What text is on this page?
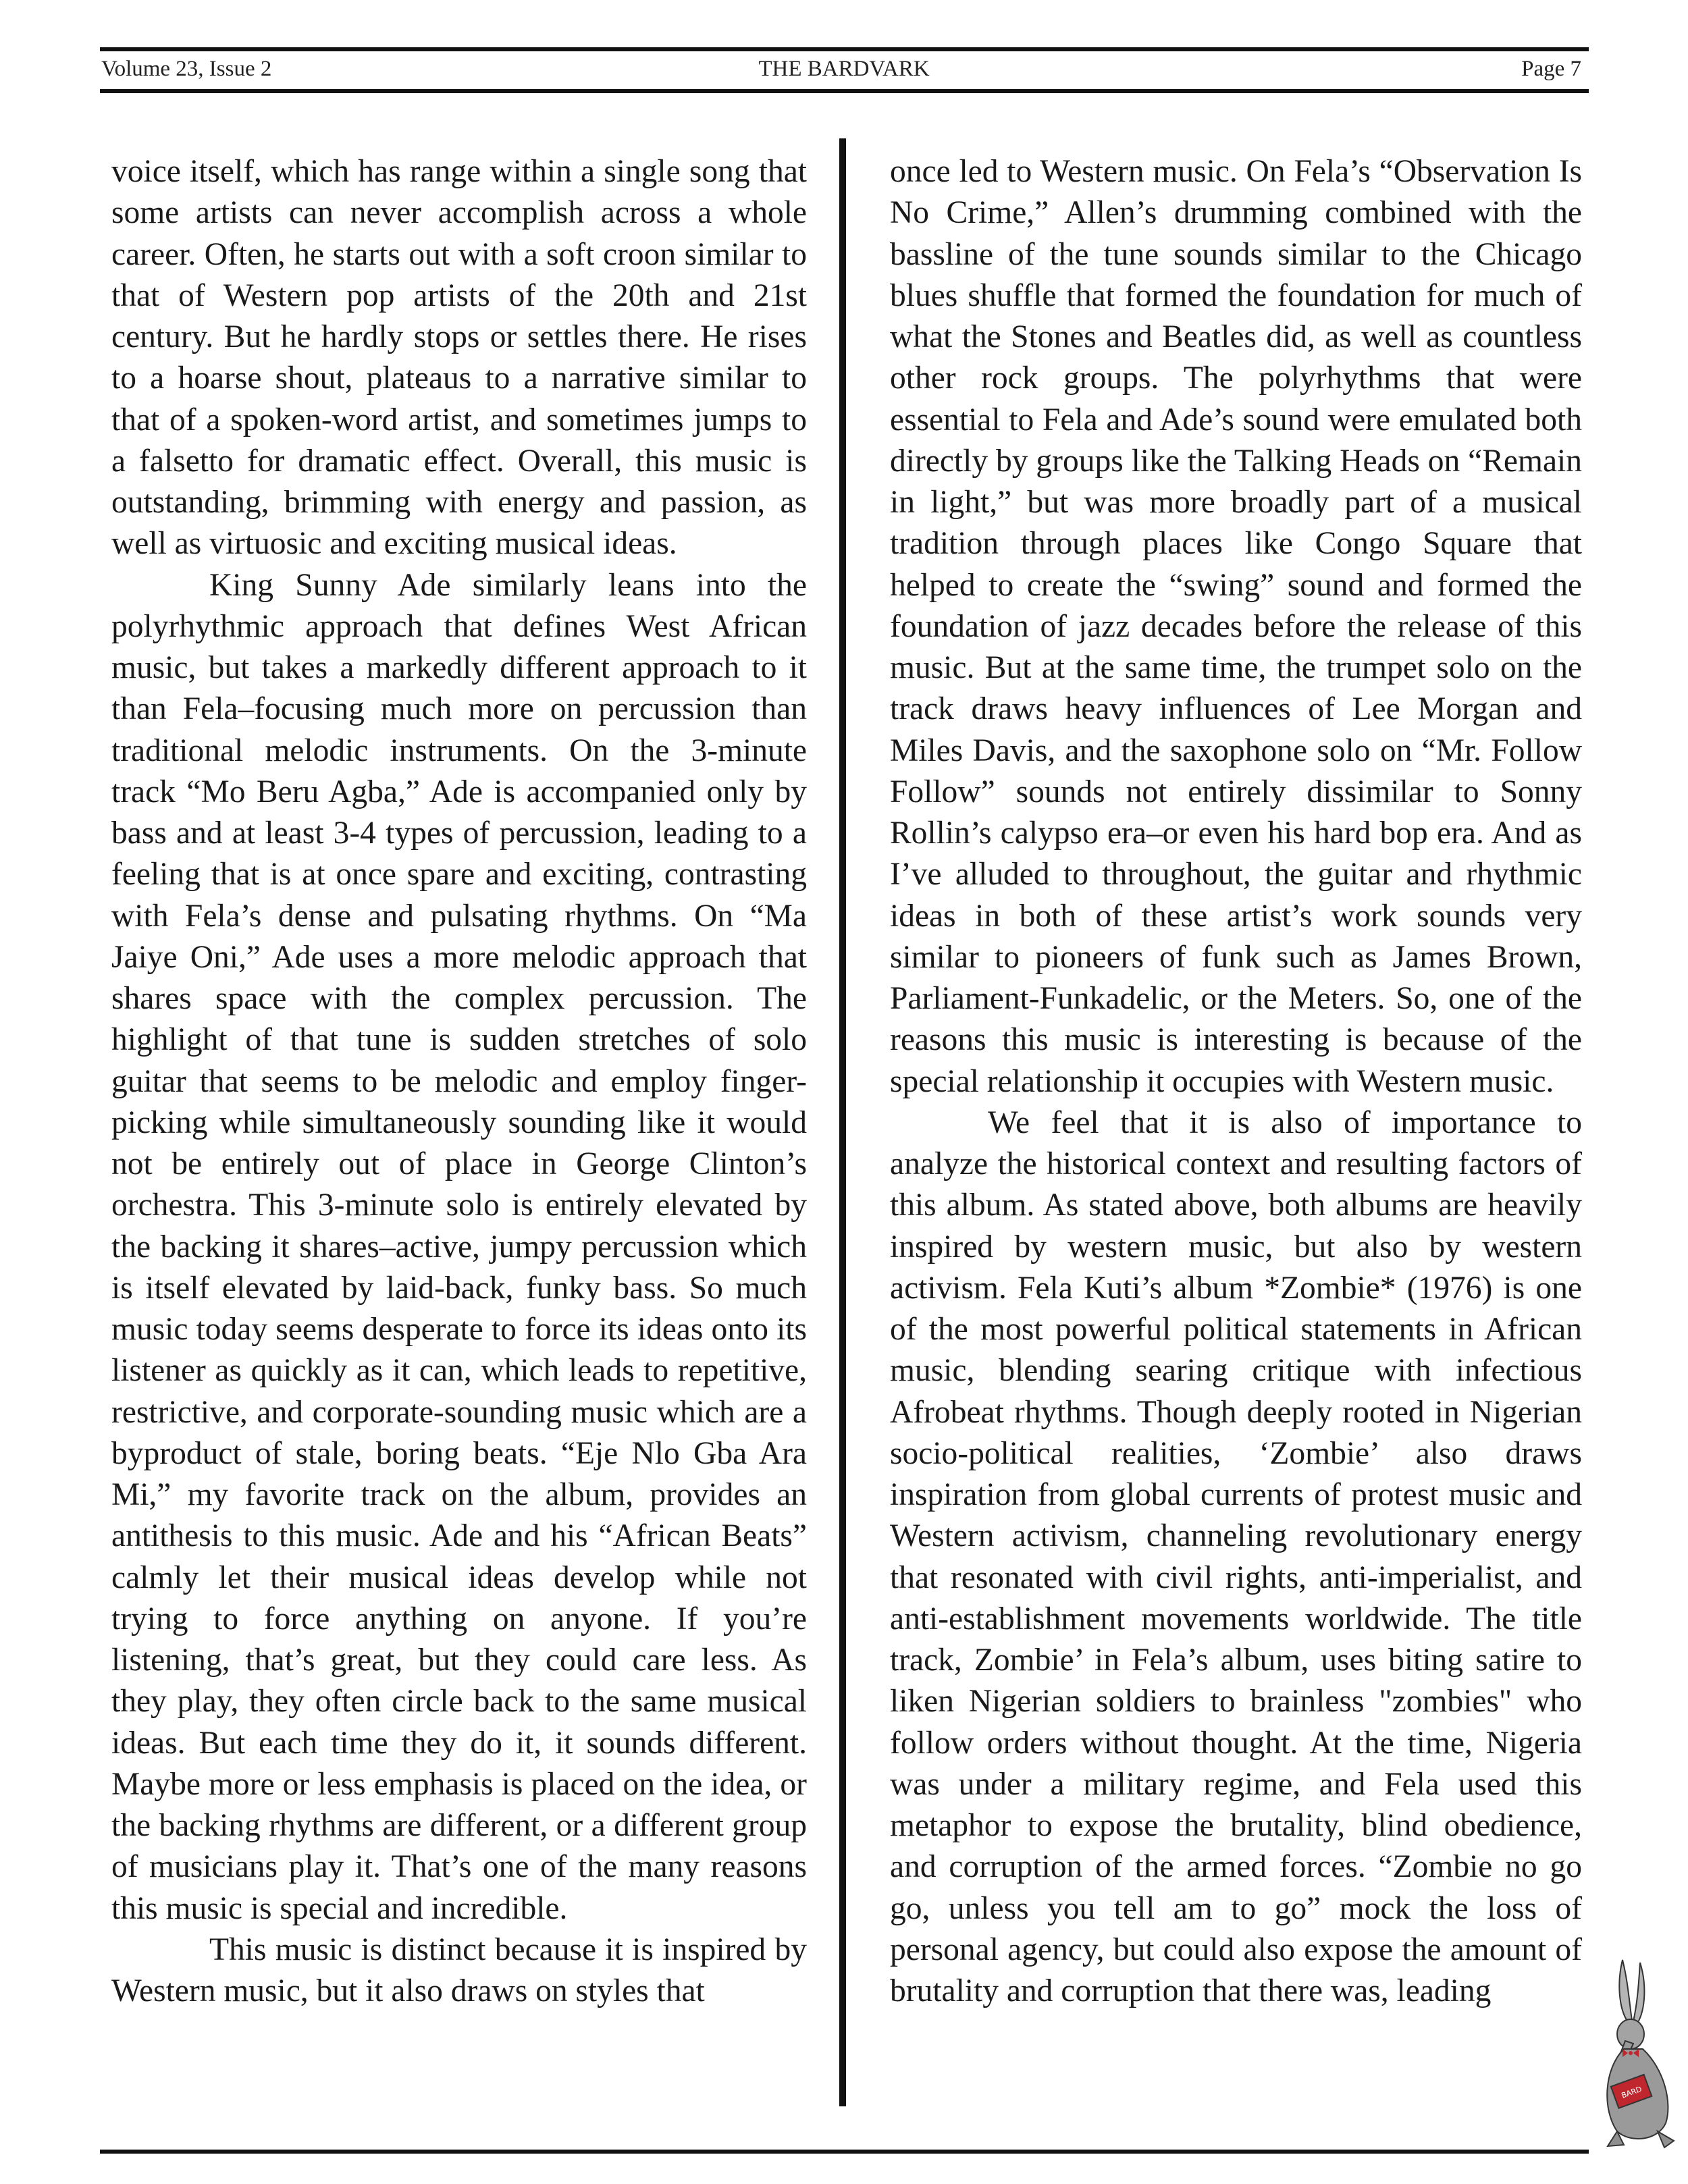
Volume 23, Issue 2	THE BARDVARK	Page 7

voice itself, which has range within a single song that some artists can never accomplish across a whole career. Often, he starts out with a soft croon similar to that of Western pop artists of the 20th and 21st century. But he hardly stops or settles there. He rises to a hoarse shout, plateaus to a narrative similar to that of a spoken-word artist, and sometimes jumps to a falsetto for dramatic effect. Overall, this music is outstanding, brimming with energy and passion, as well as virtuosic and exciting musical ideas.

King Sunny Ade similarly leans into the polyrhythmic approach that defines West African music, but takes a markedly different approach to it than Fela–focusing much more on percussion than traditional melodic instruments. On the 3-minute track “Mo Beru Agba,” Ade is accompanied only by bass and at least 3-4 types of percussion, leading to a feeling that is at once spare and exciting, contrasting with Fela’s dense and pulsating rhythms. On “Ma Jaiye Oni,” Ade uses a more melodic approach that shares space with the complex percussion. The highlight of that tune is sudden stretches of solo guitar that seems to be melodic and employ finger-picking while simultaneously sounding like it would not be entirely out of place in George Clinton’s orchestra. This 3-minute solo is entirely elevated by the backing it shares–active, jumpy percussion which is itself elevated by laid-back, funky bass. So much music today seems desperate to force its ideas onto its listener as quickly as it can, which leads to repetitive, restrictive, and corporate-sounding music which are a byproduct of stale, boring beats. “Eje Nlo Gba Ara Mi,” my favorite track on the album, provides an antithesis to this music. Ade and his “African Beats” calmly let their musical ideas develop while not trying to force anything on anyone. If you’re listening, that’s great, but they could care less. As they play, they often circle back to the same musical ideas. But each time they do it, it sounds different. Maybe more or less emphasis is placed on the idea, or the backing rhythms are different, or a different group of musicians play it. That’s one of the many reasons this music is special and incredible.

This music is distinct because it is inspired by Western music, but it also draws on styles that

once led to Western music. On Fela’s “Observation Is No Crime,” Allen’s drumming combined with the bassline of the tune sounds similar to the Chicago blues shuffle that formed the foundation for much of what the Stones and Beatles did, as well as countless other rock groups. The polyrhythms that were essential to Fela and Ade’s sound were emulated both directly by groups like the Talking Heads on “Remain in light,” but was more broadly part of a musical tradition through places like Congo Square that helped to create the “swing” sound and formed the foundation of jazz decades before the release of this music. But at the same time, the trumpet solo on the track draws heavy influences of Lee Morgan and Miles Davis, and the saxophone solo on “Mr. Follow Follow” sounds not entirely dissimilar to Sonny Rollin’s calypso era–or even his hard bop era. And as I’ve alluded to throughout, the guitar and rhythmic ideas in both of these artist’s work sounds very similar to pioneers of funk such as James Brown, Parliament-Funkadelic, or the Meters. So, one of the reasons this music is interesting is because of the special relationship it occupies with Western music.

We feel that it is also of importance to analyze the historical context and resulting factors of this album. As stated above, both albums are heavily inspired by western music, but also by western activism. Fela Kuti’s album *Zombie* (1976) is one of the most powerful political statements in African music, blending searing critique with infectious Afrobeat rhythms. Though deeply rooted in Nigerian socio-political realities, ‘Zombie’ also draws inspiration from global currents of protest music and Western activism, channeling revolutionary energy that resonated with civil rights, anti-imperialist, and anti-establishment movements worldwide. The title track, Zombie’ in Fela’s album, uses biting satire to liken Nigerian soldiers to brainless "zombies" who follow orders without thought. At the time, Nigeria was under a military regime, and Fela used this metaphor to expose the brutality, blind obedience, and corruption of the armed forces. “Zombie no go go, unless you tell am to go” mock the loss of personal agency, but could also expose the amount of brutality and corruption that there was, leading

BARD
